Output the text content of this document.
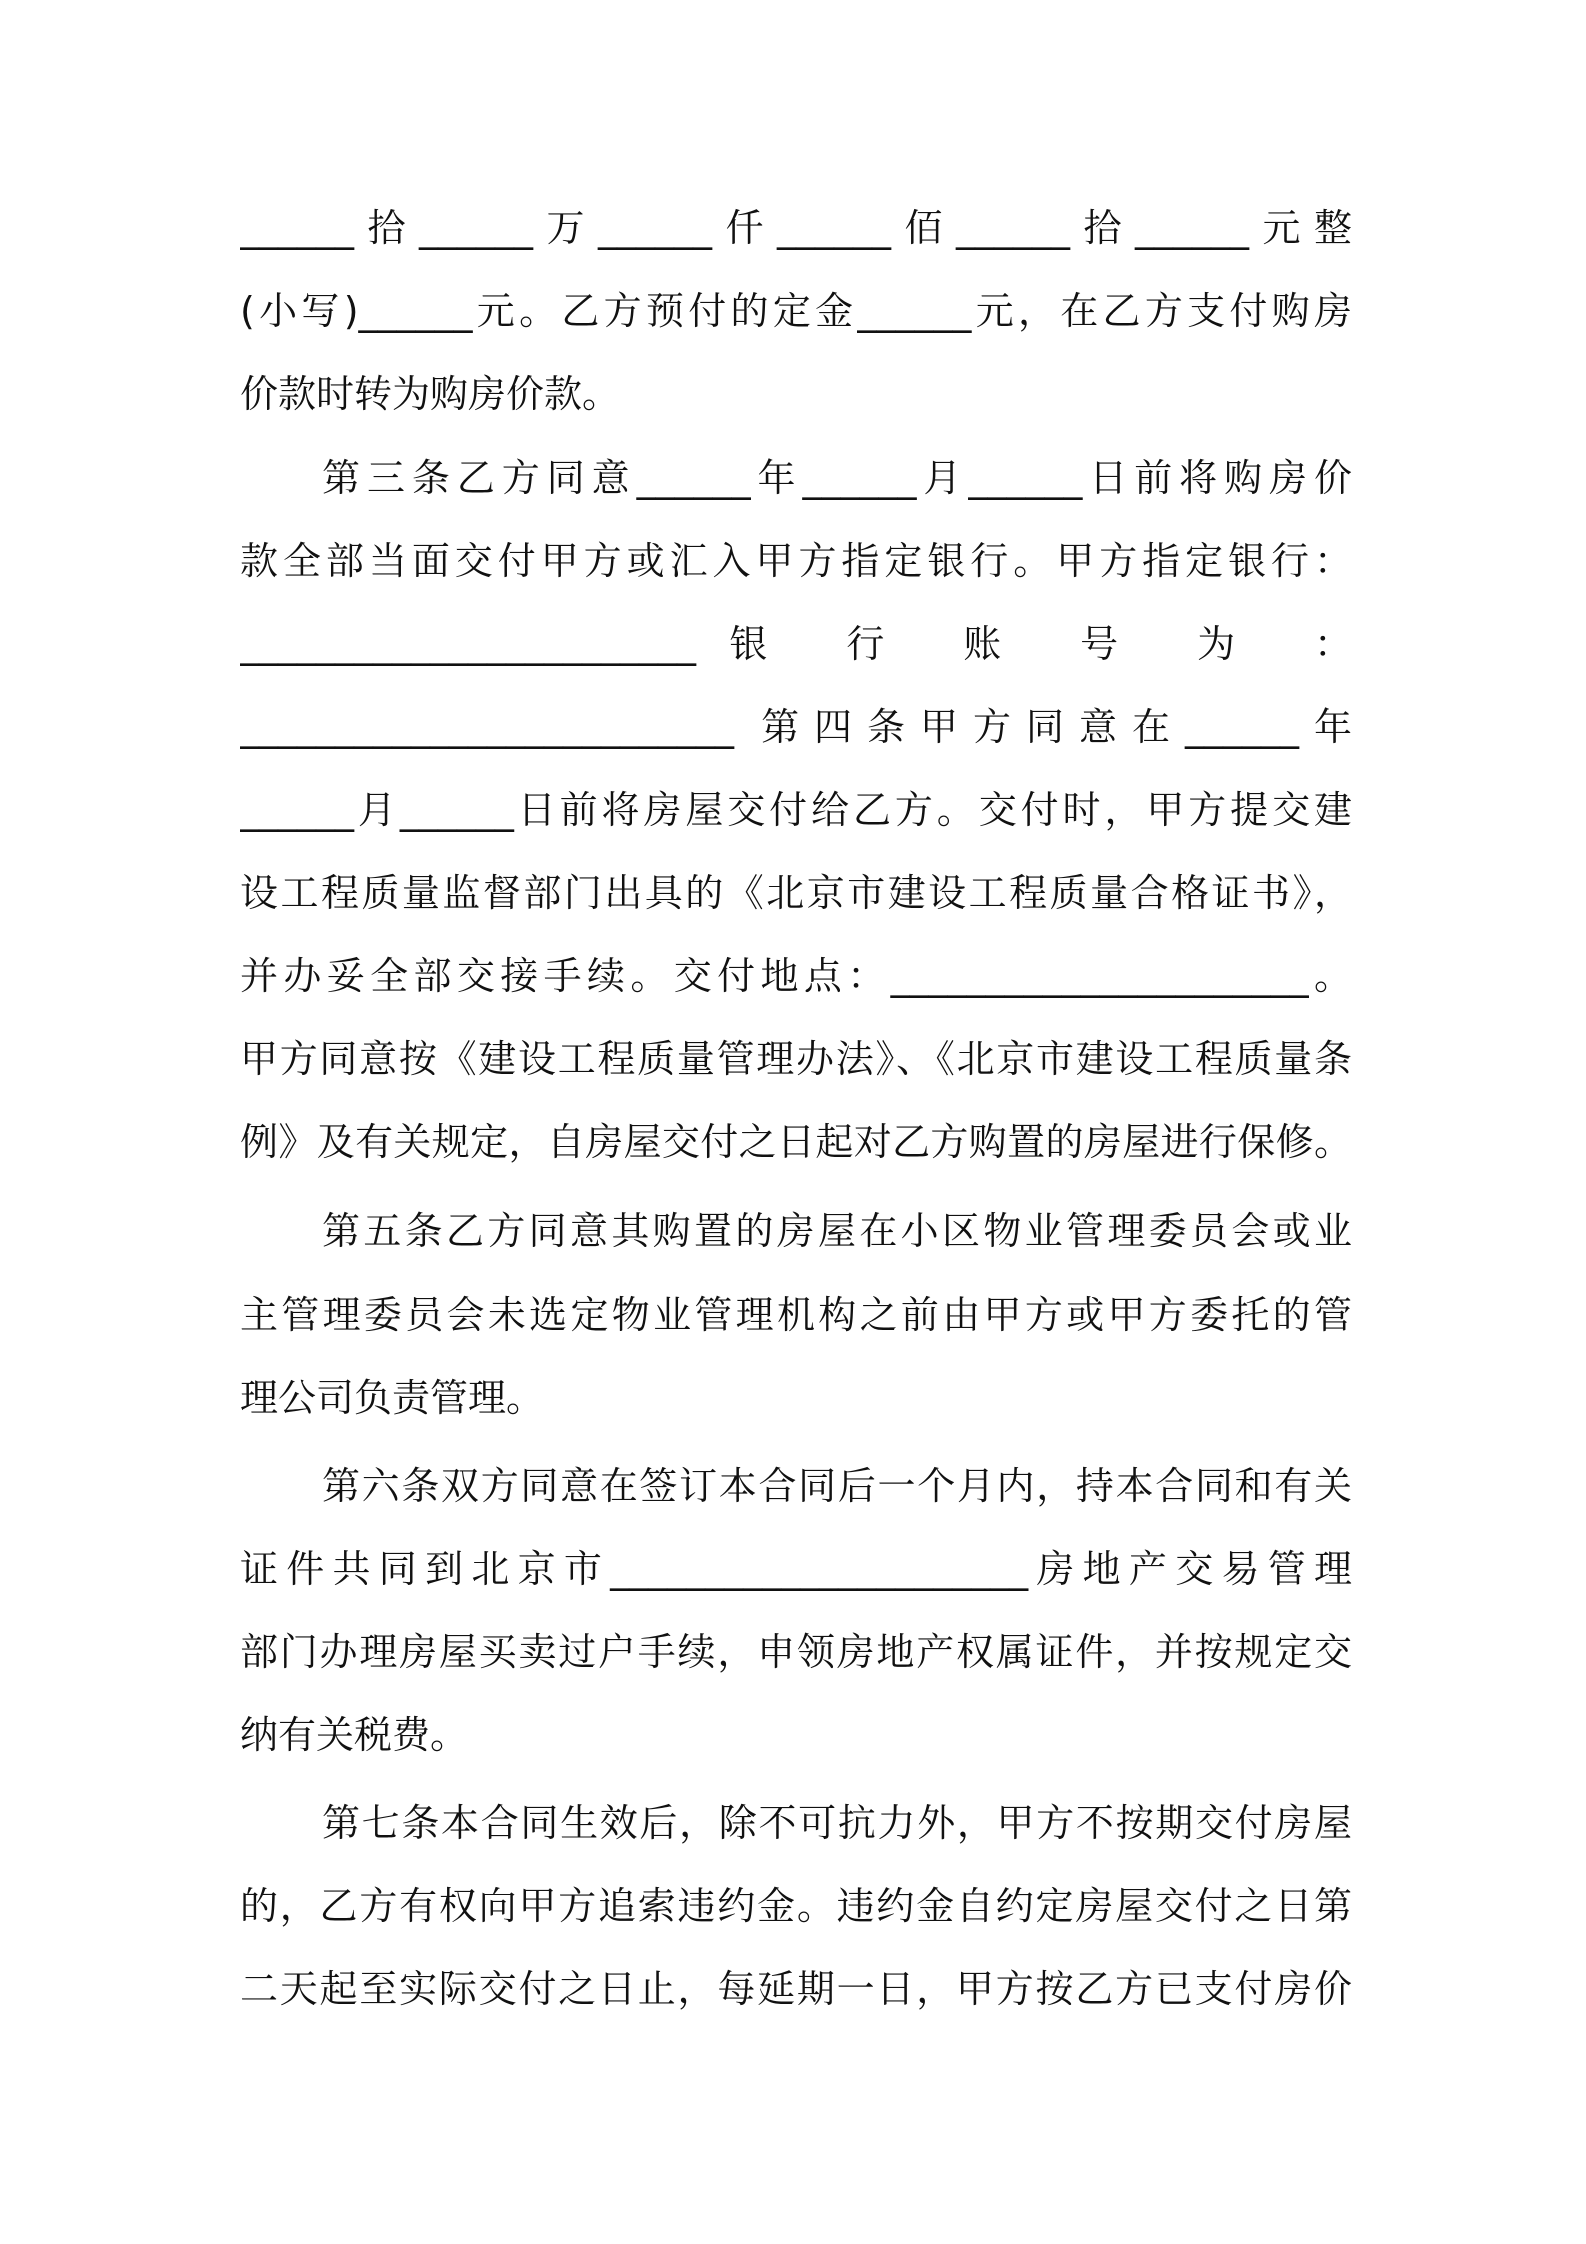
______拾______万______仟______佰______拾______元整
(小写)______元。乙方预付的定金______元，在乙方支付购房
价款时转为购房价款。
第三条乙方同意______年______月______日前将购房价
款全部当面交付甲方或汇入甲方指定银行。甲方指定银行：
________________________银 行 账 号 为 ：
__________________________ 第四条甲方同意在______年
______月______日前将房屋交付给乙方。交付时，甲方提交建
设工程质量监督部门出具的《北京市建设工程质量合格证书》，
并办妥全部交接手续。交付地点：______________________。
甲方同意按《建设工程质量管理办法》、《北京市建设工程质量条
例》及有关规定，自房屋交付之日起对乙方购置的房屋进行保修。
第五条乙方同意其购置的房屋在小区物业管理委员会或业
主管理委员会未选定物业管理机构之前由甲方或甲方委托的管
理公司负责管理。
第六条双方同意在签订本合同后一个月内，持本合同和有关
证件共同到北京市______________________房地产交易管理
部门办理房屋买卖过户手续，申领房地产权属证件，并按规定交
纳有关税费。
第七条本合同生效后，除不可抗力外，甲方不按期交付房屋
的，乙方有权向甲方追索违约金。违约金自约定房屋交付之日第
二天起至实际交付之日止，每延期一日，甲方按乙方已支付房价
